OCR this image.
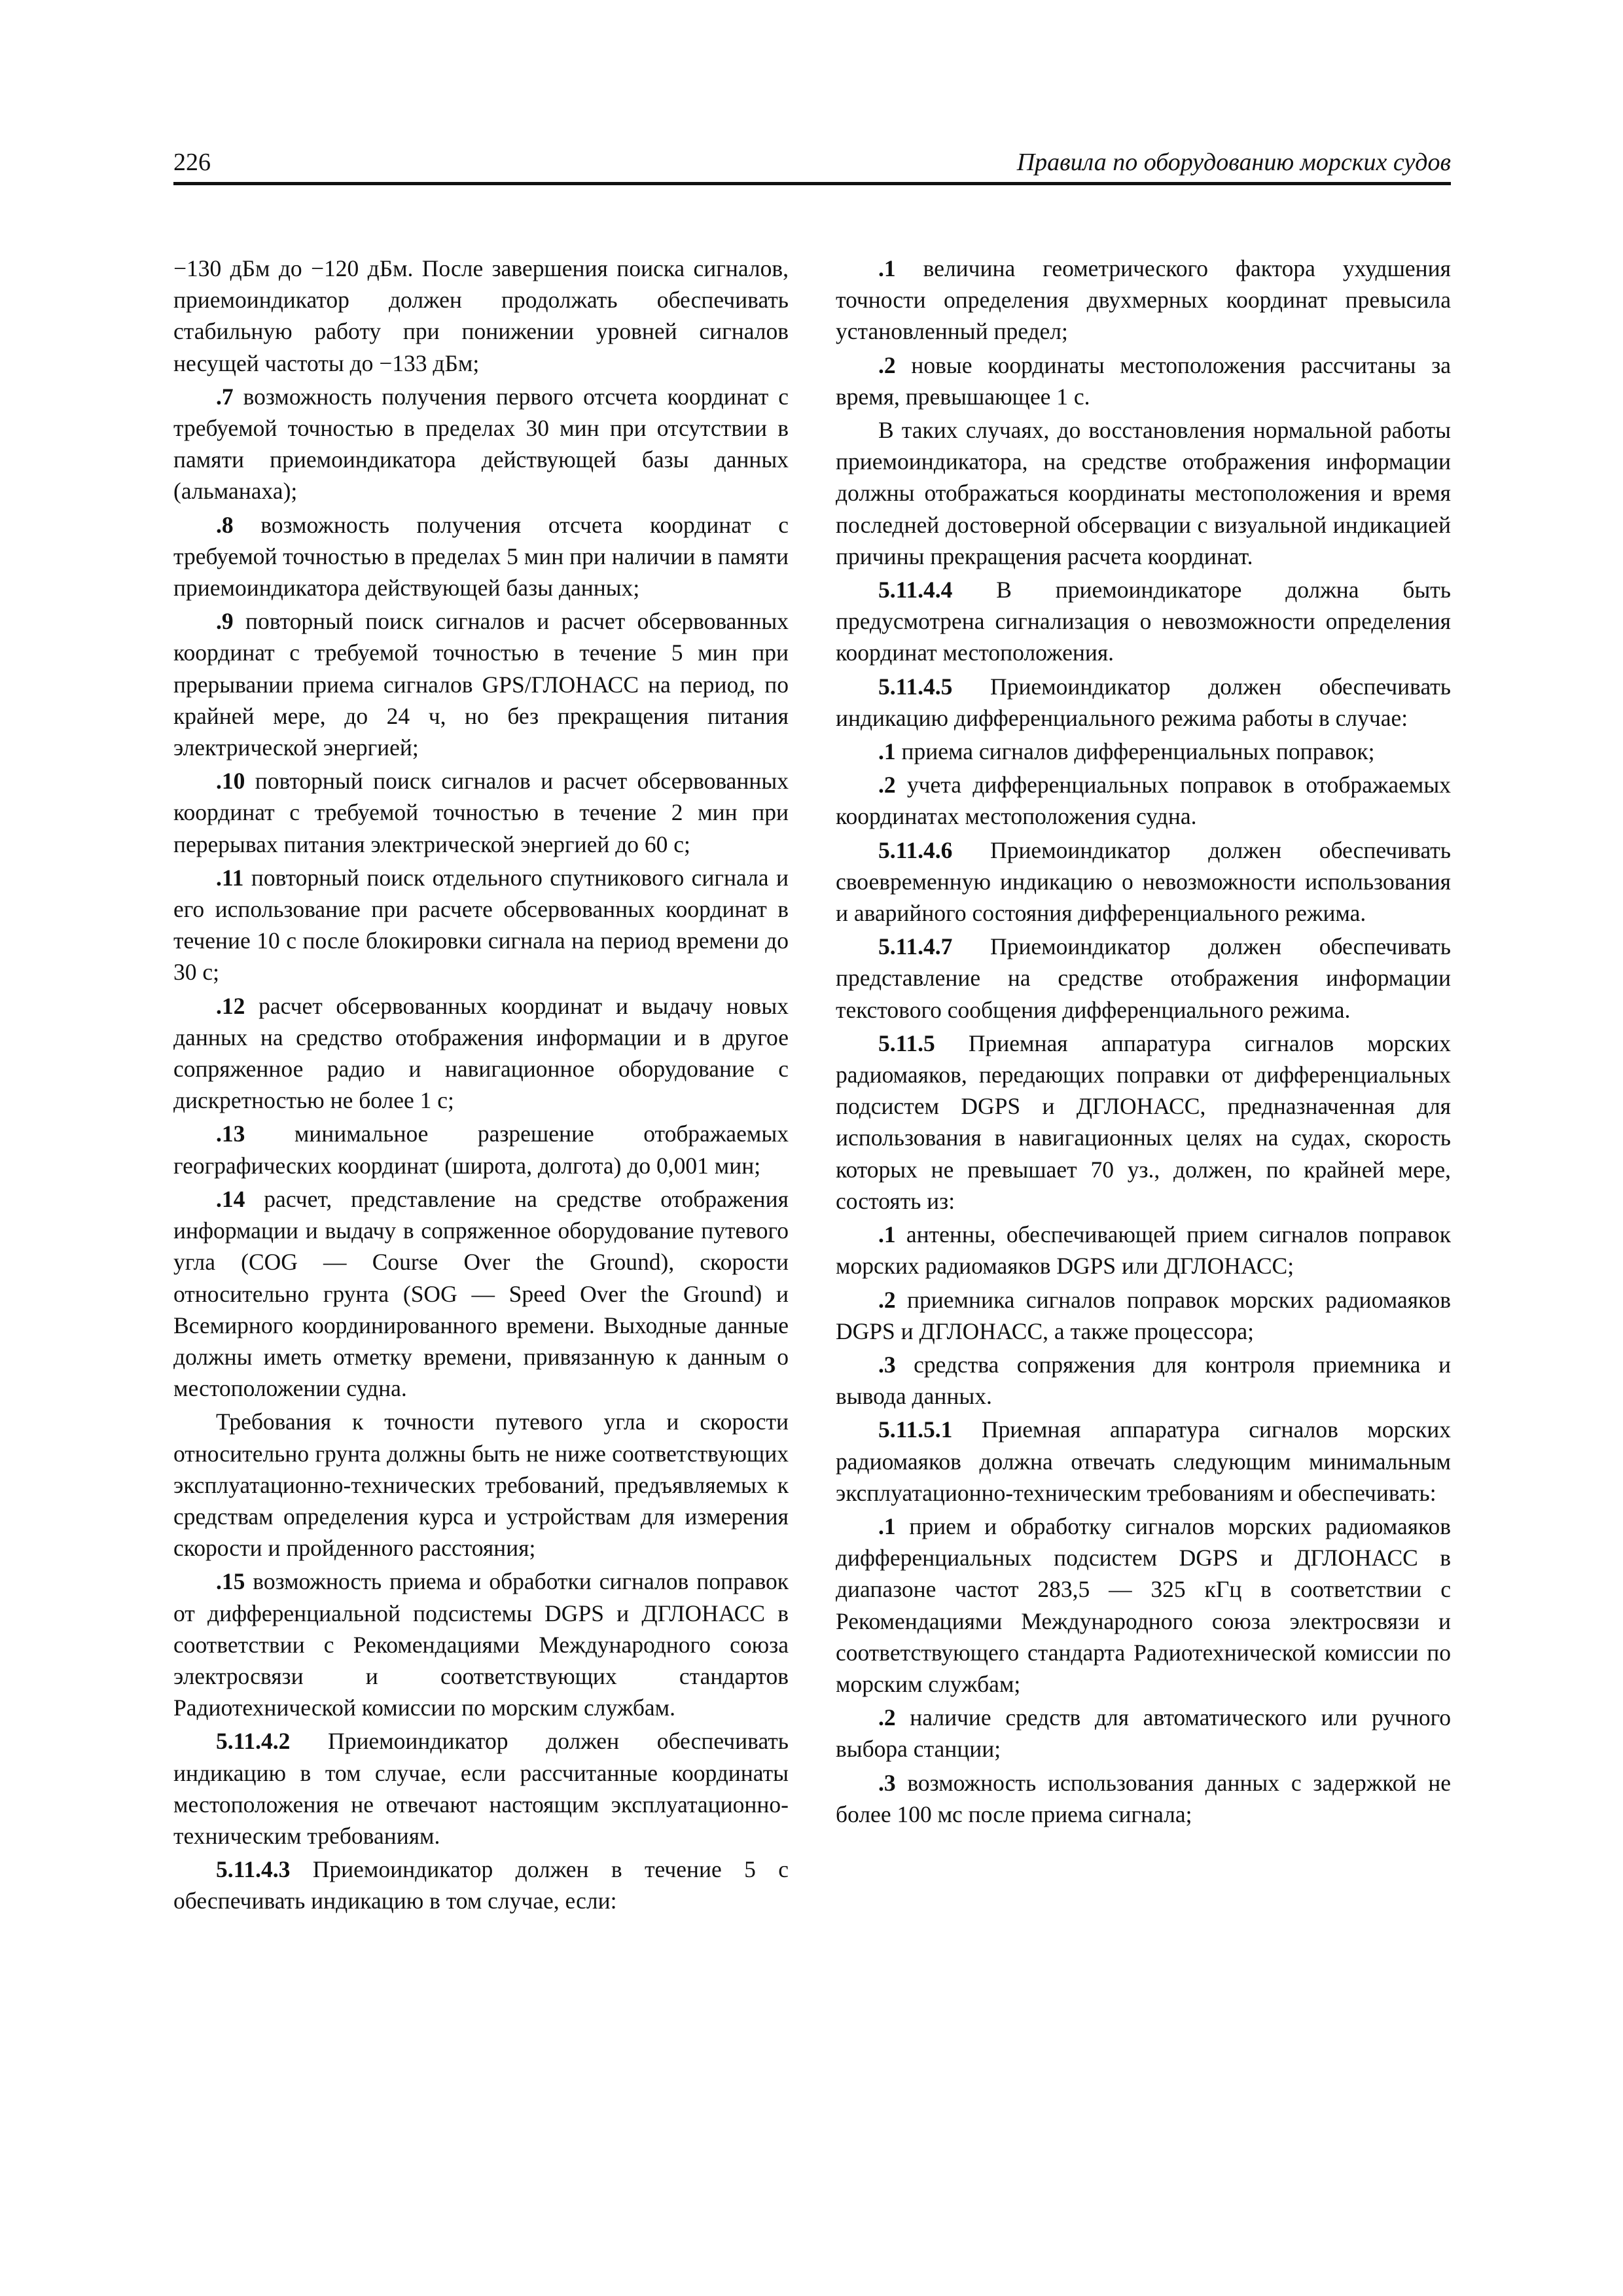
226	Правила по оборудованию морских судов

−130 дБм до −120 дБм. После завершения поиска сигналов, приемоиндикатор должен продолжать обеспечивать стабильную работу при понижении уровней сигналов несущей частоты до −133 дБм;

.7 возможность получения первого отсчета координат с требуемой точностью в пределах 30 мин при отсутствии в памяти приемоиндикатора действующей базы данных (альманаха);

.8 возможность получения отсчета координат с требуемой точностью в пределах 5 мин при наличии в памяти приемоиндикатора действующей базы данных;

.9 повторный поиск сигналов и расчет обсервованных координат с требуемой точностью в течение 5 мин при прерывании приема сигналов GPS/ГЛОНАСС на период, по крайней мере, до 24 ч, но без прекращения питания электрической энергией;

.10 повторный поиск сигналов и расчет обсервованных координат с требуемой точностью в течение 2 мин при перерывах питания электрической энергией до 60 с;

.11 повторный поиск отдельного спутникового сигнала и его использование при расчете обсервованных координат в течение 10 с после блокировки сигнала на период времени до 30 с;

.12 расчет обсервованных координат и выдачу новых данных на средство отображения информации и в другое сопряженное радио и навигационное оборудование с дискретностью не более 1 с;

.13 минимальное разрешение отображаемых географических координат (широта, долгота) до 0,001 мин;

.14 расчет, представление на средстве отображения информации и выдачу в сопряженное оборудование путевого угла (COG — Course Over the Ground), скорости относительно грунта (SOG — Speed Over the Ground) и Всемирного координированного времени. Выходные данные должны иметь отметку времени, привязанную к данным о местоположении судна.

Требования к точности путевого угла и скорости относительно грунта должны быть не ниже соответствующих эксплуатационно-технических требований, предъявляемых к средствам определения курса и устройствам для измерения скорости и пройденного расстояния;

.15 возможность приема и обработки сигналов поправок от дифференциальной подсистемы DGPS и ДГЛОНАСС в соответствии с Рекомендациями Международного союза электросвязи и соответствующих стандартов Радиотехнической комиссии по морским службам.

5.11.4.2 Приемоиндикатор должен обеспечивать индикацию в том случае, если рассчитанные координаты местоположения не отвечают настоящим эксплуатационно-техническим требованиям.

5.11.4.3 Приемоиндикатор должен в течение 5 с обеспечивать индикацию в том случае, если:

.1 величина геометрического фактора ухудшения точности определения двухмерных координат превысила установленный предел;

.2 новые координаты местоположения рассчитаны за время, превышающее 1 с.

В таких случаях, до восстановления нормальной работы приемоиндикатора, на средстве отображения информации должны отображаться координаты местоположения и время последней достоверной обсервации с визуальной индикацией причины прекращения расчета координат.

5.11.4.4 В приемоиндикаторе должна быть предусмотрена сигнализация о невозможности определения координат местоположения.

5.11.4.5 Приемоиндикатор должен обеспечивать индикацию дифференциального режима работы в случае:

.1 приема сигналов дифференциальных поправок;

.2 учета дифференциальных поправок в отображаемых координатах местоположения судна.

5.11.4.6 Приемоиндикатор должен обеспечивать своевременную индикацию о невозможности использования и аварийного состояния дифференциального режима.

5.11.4.7 Приемоиндикатор должен обеспечивать представление на средстве отображения информации текстового сообщения дифференциального режима.

5.11.5 Приемная аппаратура сигналов морских радиомаяков, передающих поправки от дифференциальных подсистем DGPS и ДГЛОНАСС, предназначенная для использования в навигационных целях на судах, скорость которых не превышает 70 уз., должен, по крайней мере, состоять из:

.1 антенны, обеспечивающей прием сигналов поправок морских радиомаяков DGPS или ДГЛОНАСС;

.2 приемника сигналов поправок морских радиомаяков DGPS и ДГЛОНАСС, а также процессора;

.3 средства сопряжения для контроля приемника и вывода данных.

5.11.5.1 Приемная аппаратура сигналов морских радиомаяков должна отвечать следующим минимальным эксплуатационно-техническим требованиям и обеспечивать:

.1 прием и обработку сигналов морских радиомаяков дифференциальных подсистем DGPS и ДГЛОНАСС в диапазоне частот 283,5 — 325 кГц в соответствии с Рекомендациями Международного союза электросвязи и соответствующего стандарта Радиотехнической комиссии по морским службам;

.2 наличие средств для автоматического или ручного выбора станции;

.3 возможность использования данных с задержкой не более 100 мс после приема сигнала;
